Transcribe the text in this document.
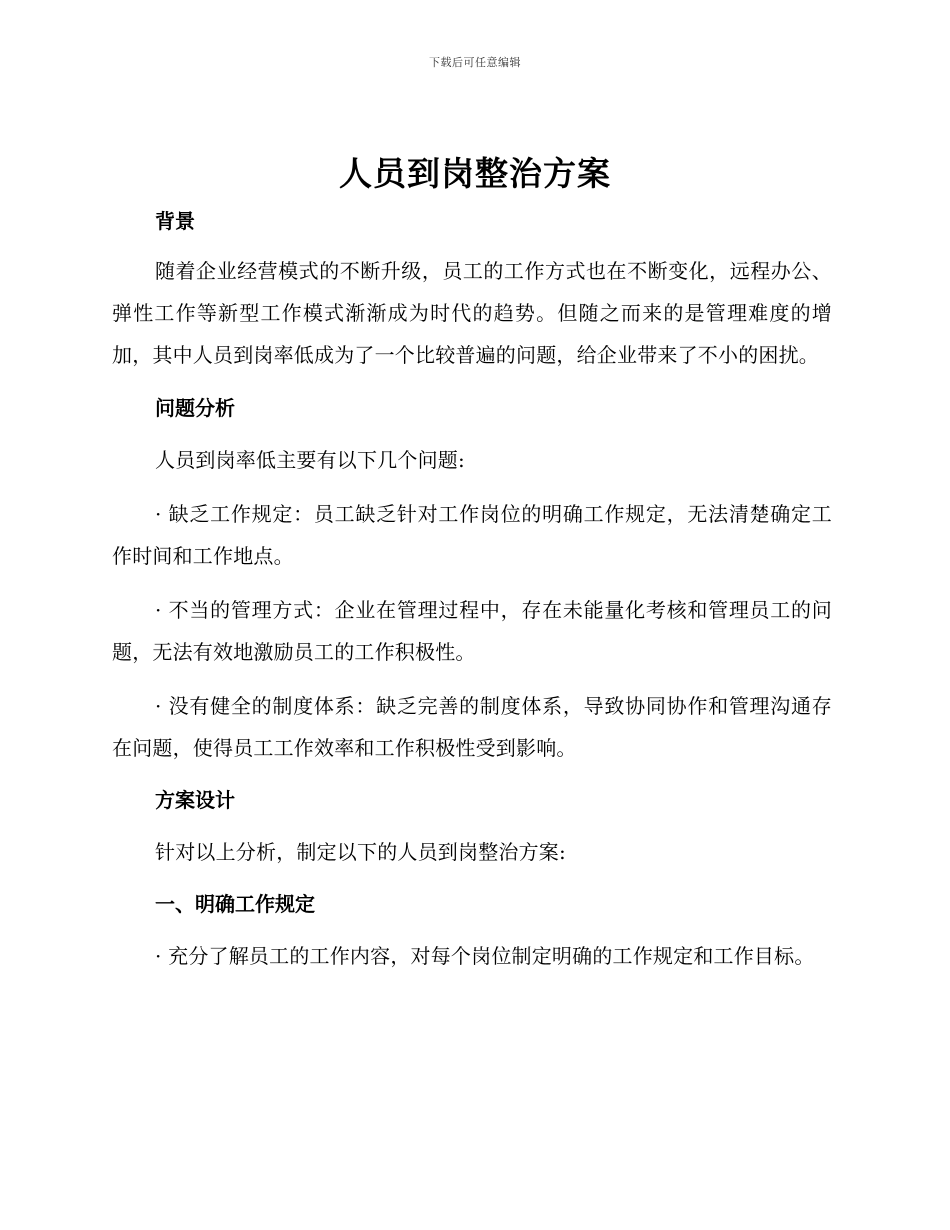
下载后可任意编辑
人员到岗整治方案

背景

随着企业经营模式的不断升级，员工的工作方式也在不断变化，远程办公、弹性工作等新型工作模式渐渐成为时代的趋势。但随之而来的是管理难度的增加，其中人员到岗率低成为了一个比较普遍的问题，给企业带来了不小的困扰。

问题分析

人员到岗率低主要有以下几个问题:

· 缺乏工作规定：员工缺乏针对工作岗位的明确工作规定，无法清楚确定工作时间和工作地点。

· 不当的管理方式：企业在管理过程中，存在未能量化考核和管理员工的问题，无法有效地激励员工的工作积极性。

· 没有健全的制度体系：缺乏完善的制度体系，导致协同协作和管理沟通存在问题，使得员工工作效率和工作积极性受到影响。

方案设计

针对以上分析，制定以下的人员到岗整治方案:

一、明确工作规定

· 充分了解员工的工作内容，对每个岗位制定明确的工作规定和工作目标。
